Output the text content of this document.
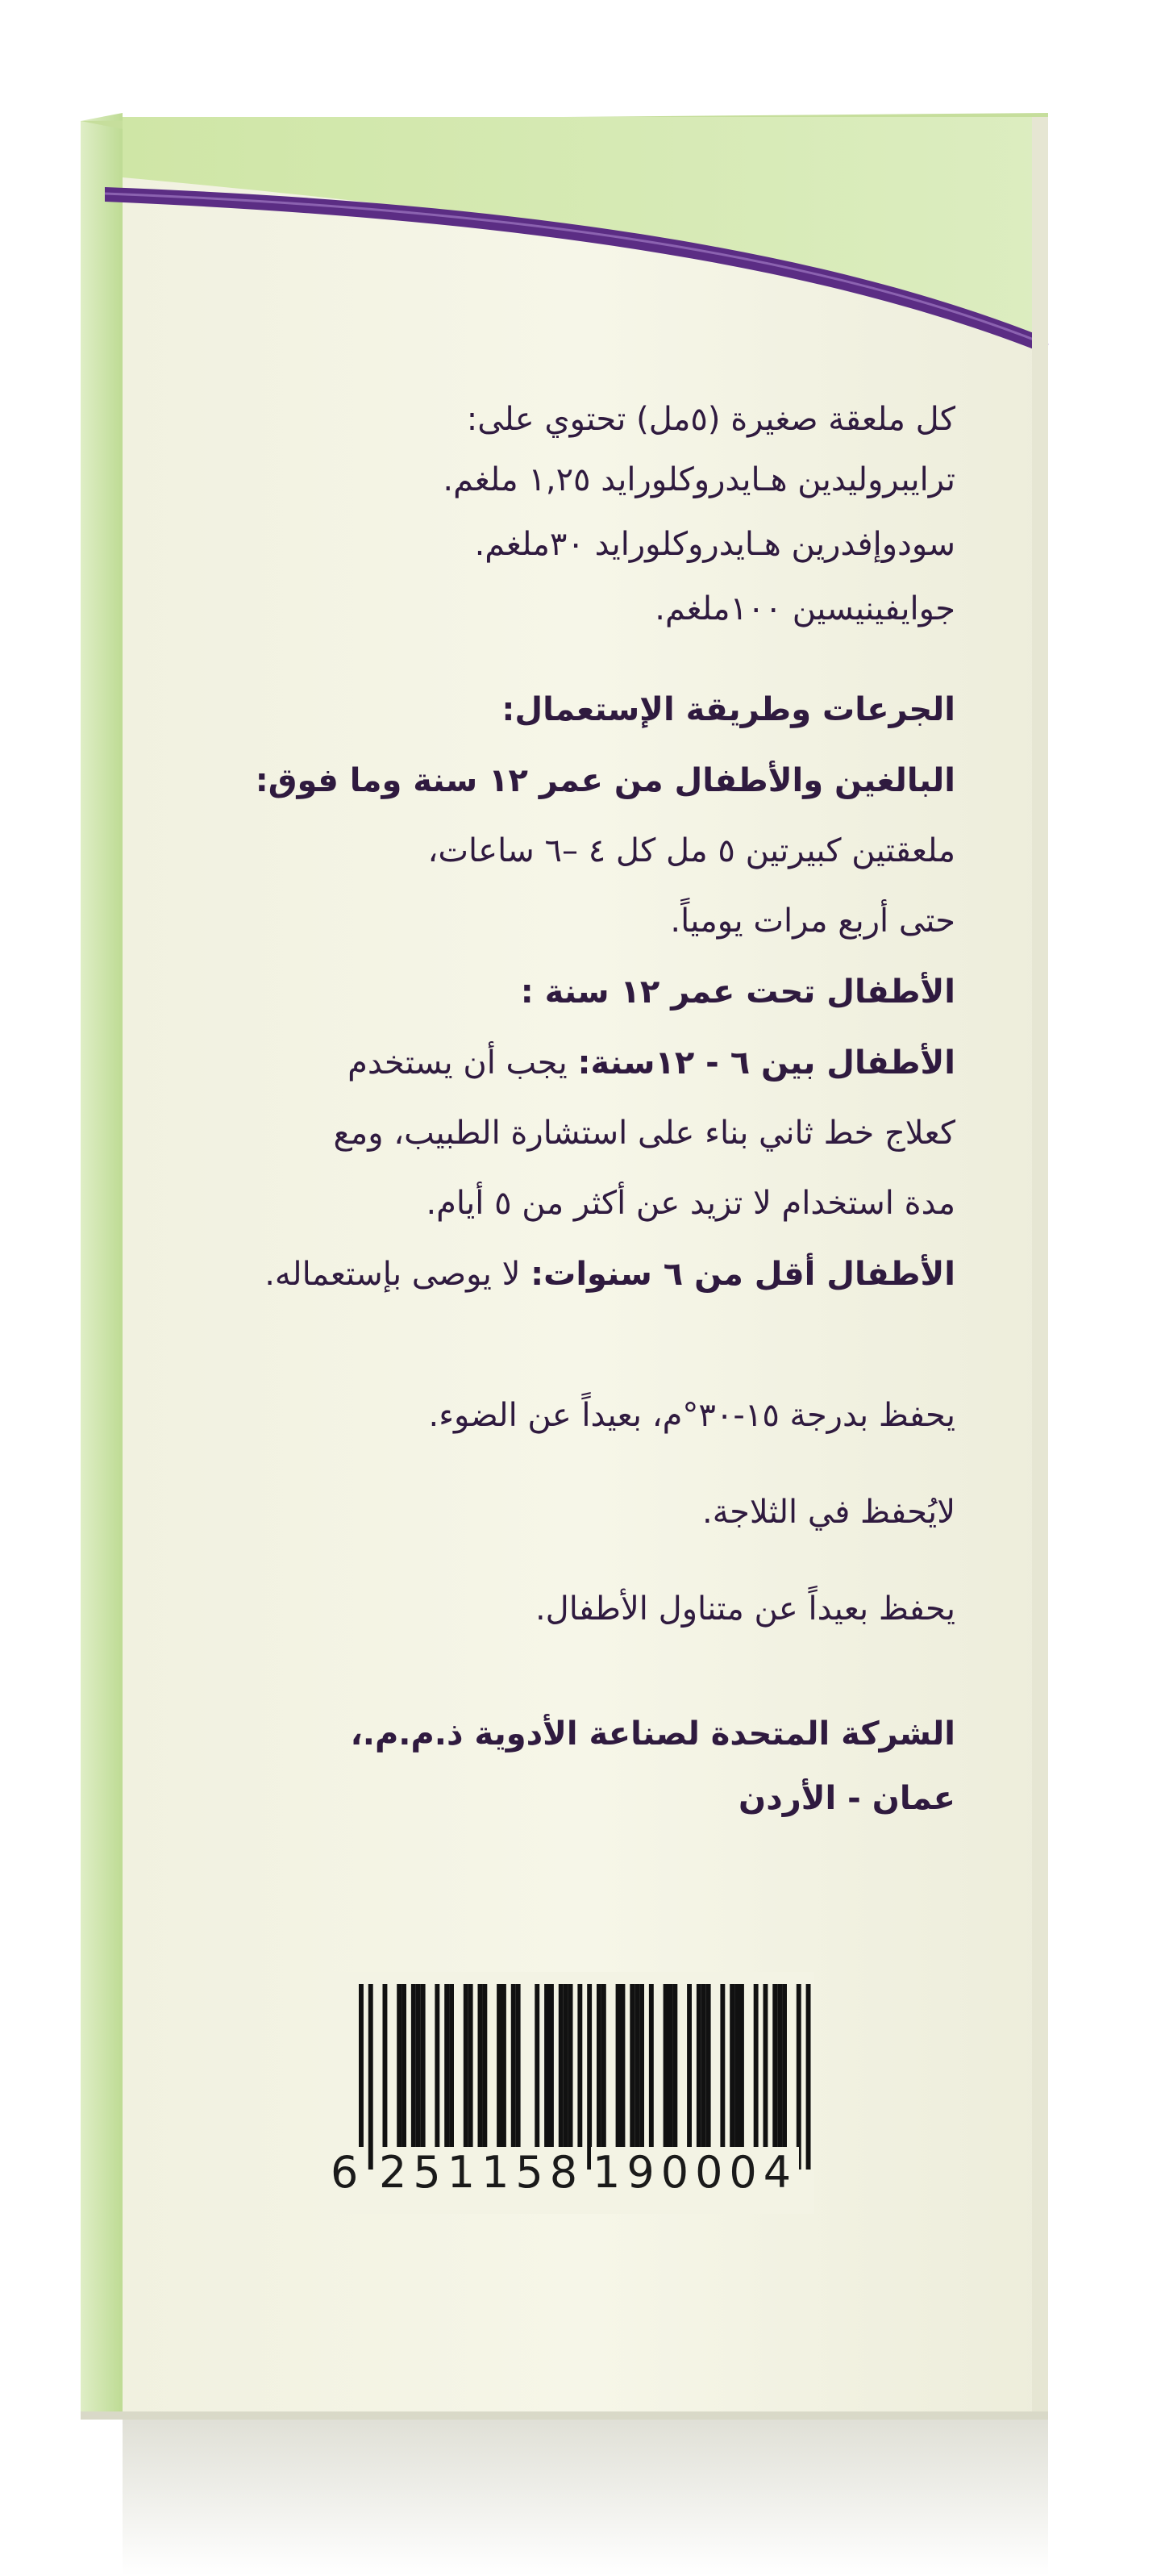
كل ملعقة صغيرة (٥مل) تحتوي على:
ترايبروليدين هـايدروكلورايد ١,٢٥ ملغم.
سودوإفدرين هـايدروكلورايد ٣٠ملغم.
جوايفينيسين ١٠٠ملغم.
الجرعات وطريقة الإستعمال:
البالغين والأطفال من عمر ١٢ سنة وما فوق:
ملعقتين كبيرتين ٥ مل كل ٤ –٦ ساعات،
حتى أربع مرات يومياً.
الأطفال تحت عمر ١٢ سنة :
الأطفال بين ٦ - ١٢سنة: يجب أن يستخدم
كعلاج خط ثاني بناء على استشارة الطبيب، ومع
مدة استخدام لا تزيد عن أكثر من ٥ أيام.
الأطفال أقل من ٦ سنوات: لا يوصى بإستعماله.
يحفظ بدرجة ١٥-٣٠°م، بعيداً عن الضوء.
لايُحفظ في الثلاجة.
يحفظ بعيداً عن متناول الأطفال.
الشركة المتحدة لصناعة الأدوية ذ.م.م.،
عمان - الأردن
6 251158 190004
